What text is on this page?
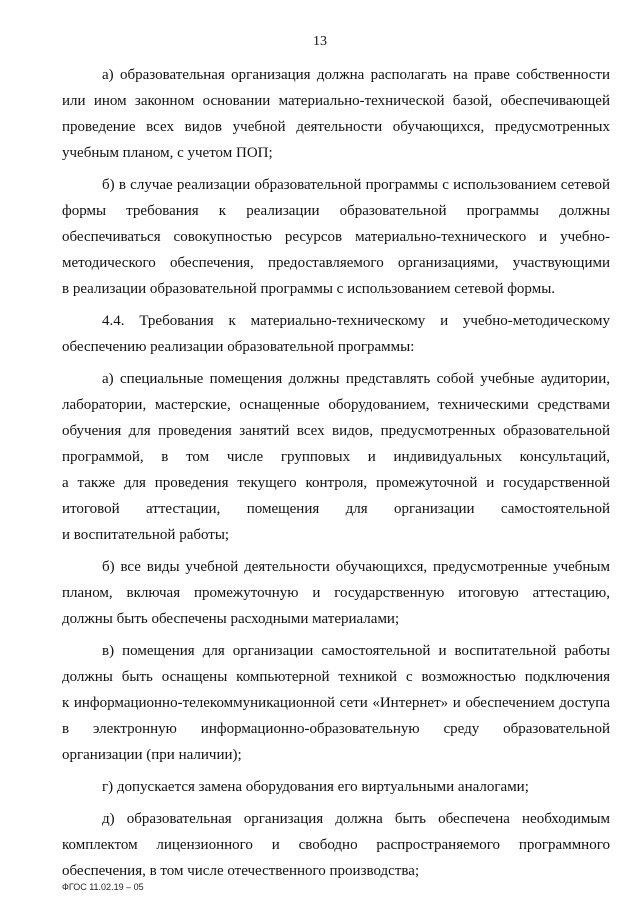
13
а) образовательная организация должна располагать на праве собственности
или ином законном основании материально-технической базой, обеспечивающей
проведение всех видов учебной деятельности обучающихся, предусмотренных
учебным планом, с учетом ПОП;
б) в случае реализации образовательной программы с использованием сетевой
формы требования к реализации образовательной программы должны
обеспечиваться совокупностью ресурсов материально-технического и учебно-
методического обеспечения, предоставляемого организациями, участвующими
в реализации образовательной программы с использованием сетевой формы.
4.4. Требования к материально-техническому и учебно-методическому
обеспечению реализации образовательной программы:
а) специальные помещения должны представлять собой учебные аудитории,
лаборатории, мастерские, оснащенные оборудованием, техническими средствами
обучения для проведения занятий всех видов, предусмотренных образовательной
программой, в том числе групповых и индивидуальных консультаций,
а также для проведения текущего контроля, промежуточной и государственной
итоговой аттестации, помещения для организации самостоятельной
и воспитательной работы;
б) все виды учебной деятельности обучающихся, предусмотренные учебным
планом, включая промежуточную и государственную итоговую аттестацию,
должны быть обеспечены расходными материалами;
в) помещения для организации самостоятельной и воспитательной работы
должны быть оснащены компьютерной техникой с возможностью подключения
к информационно-телекоммуникационной сети «Интернет» и обеспечением доступа
в электронную информационно-образовательную среду образовательной
организации (при наличии);
г) допускается замена оборудования его виртуальными аналогами;
д) образовательная организация должна быть обеспечена необходимым
комплектом лицензионного и свободно распространяемого программного
обеспечения, в том числе отечественного производства;
ФГОС 11.02.19 – 05
